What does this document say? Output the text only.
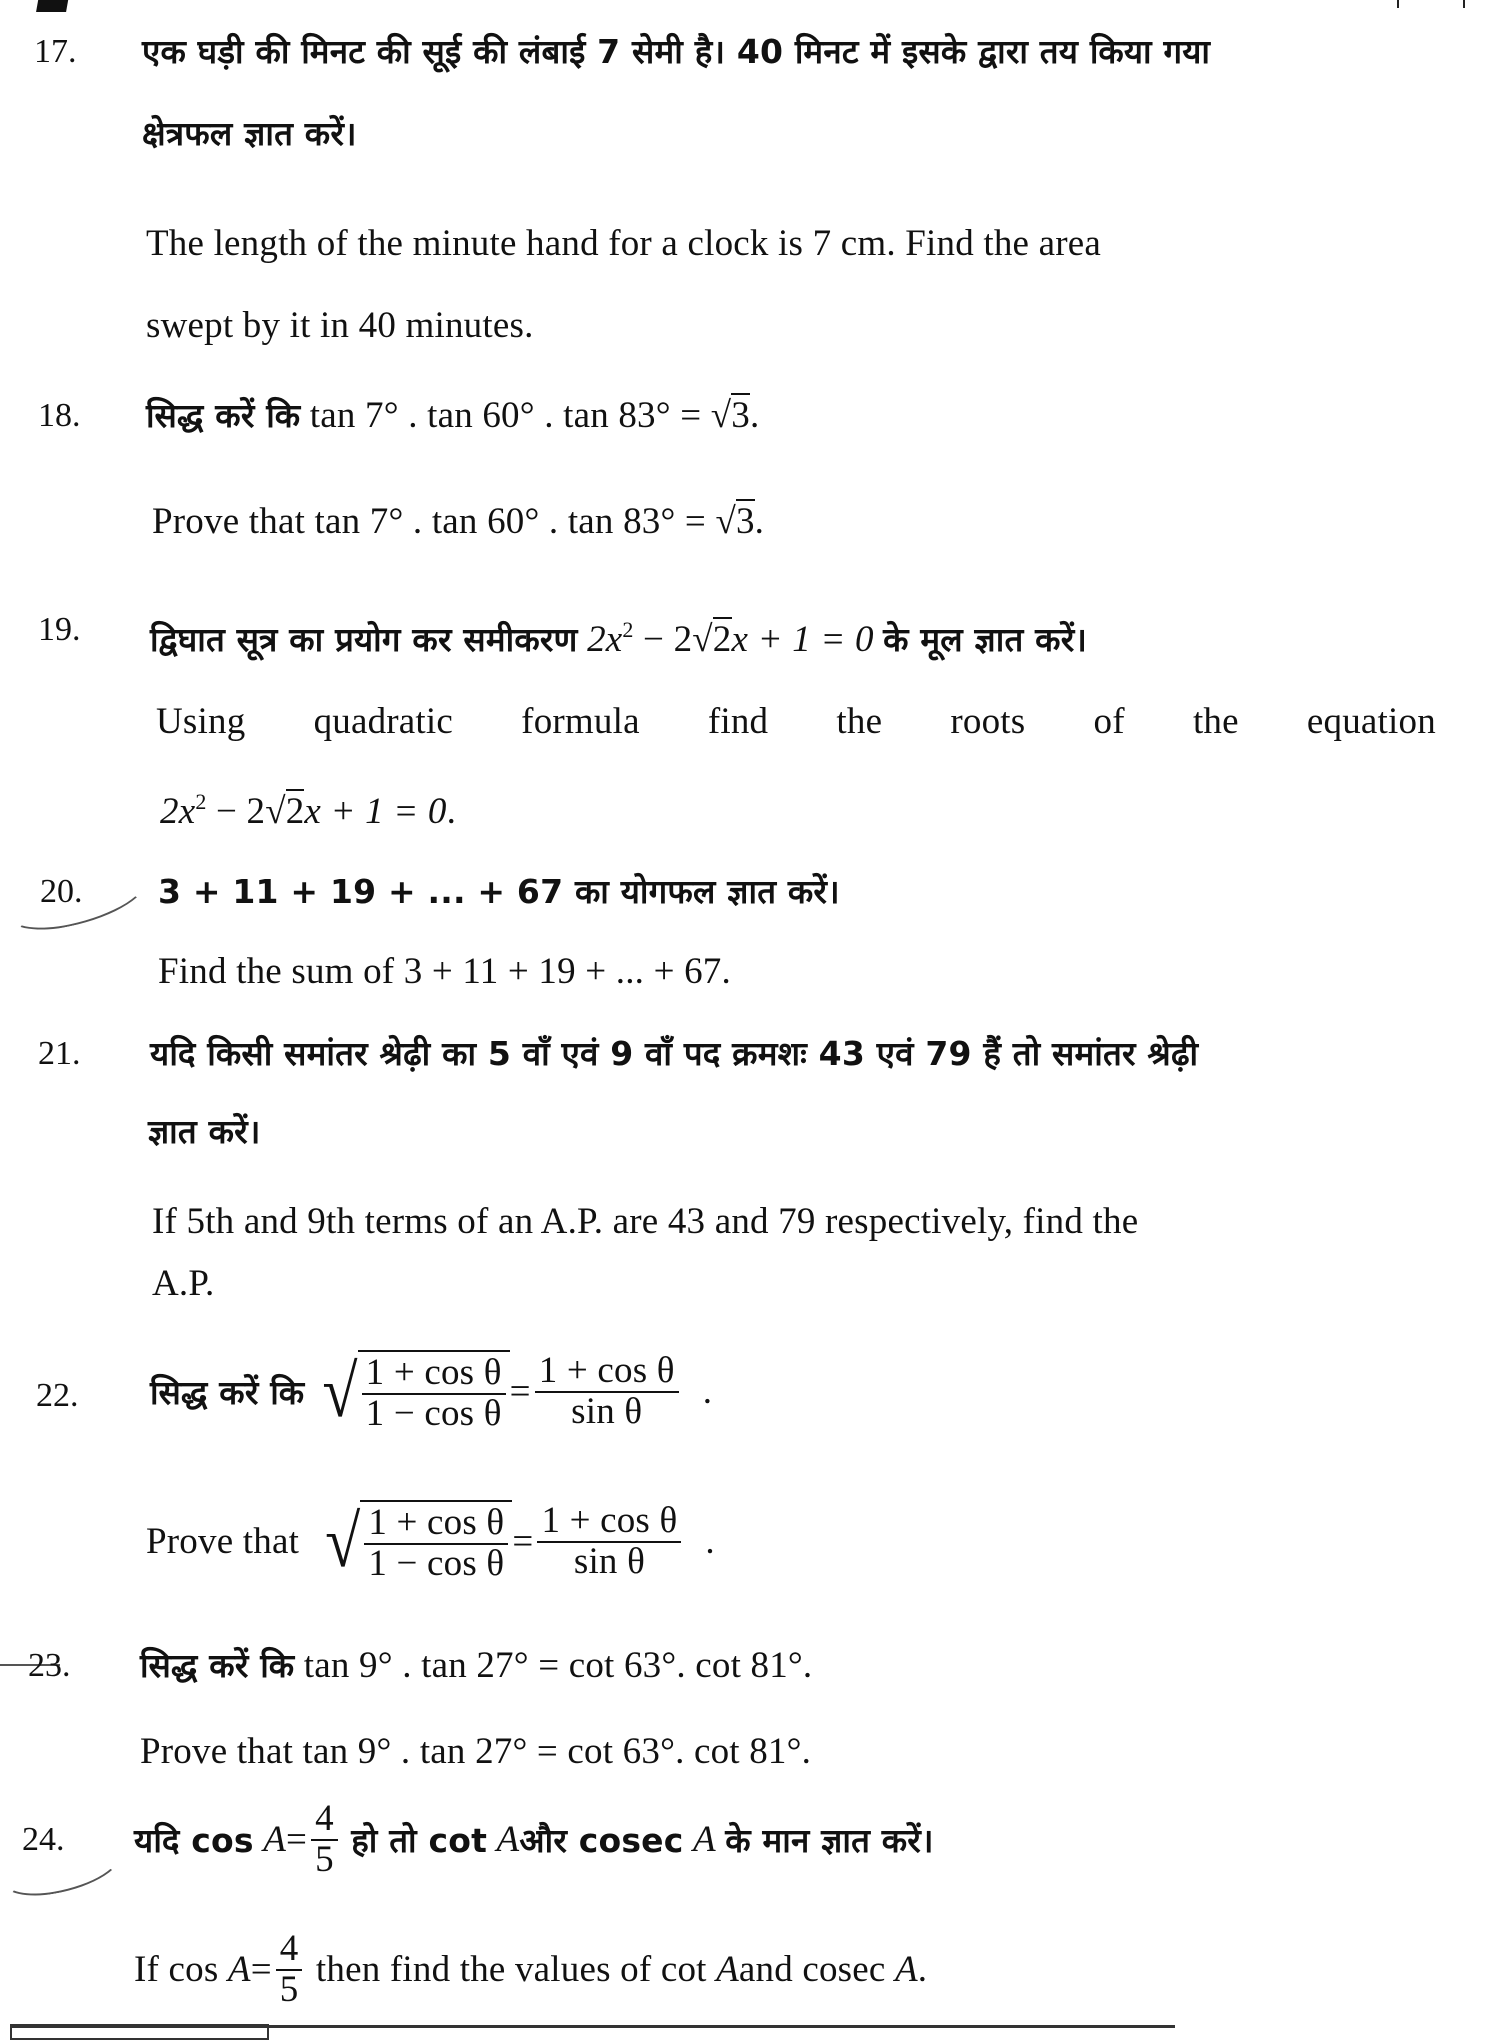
17. एक घड़ी की मिनट की सूई की लंबाई 7 सेमी है। 40 मिनट में इसके द्वारा तय किया गया
क्षेत्रफल ज्ञात करें।
The length of the minute hand for a clock is 7 cm. Find the area
swept by it in 40 minutes.
18. सिद्ध करें कि tan 7° . tan 60° . tan 83° = √3.
Prove that tan 7° . tan 60° . tan 83° = √3.
19. द्विघात सूत्र का प्रयोग कर समीकरण $2x^2 - 2√2x + 1 = 0$ के मूल ज्ञात करें।
Using quadratic formula find the roots of the equation
$2x^2 - 2√2x + 1 = 0$.
20. 3 + 11 + 19 + ... + 67 का योगफल ज्ञात करें।
Find the sum of 3 + 11 + 19 + ... + 67.
21. यदि किसी समांतर श्रेढ़ी का 5 वाँ एवं 9 वाँ पद क्रमशः 43 एवं 79 हैं तो समांतर श्रेढ़ी
ज्ञात करें।
If 5th and 9th terms of an A.P. are 43 and 79 respectively, find the
A.P.
22. सिद्ध करें कि √ $\frac{\text{1 + cos θ}}{\text{1 − cos θ}} = \frac{\text{1 + cos θ}}{\text{sin θ}}$ .
Prove that √ $\frac{\text{1 + cos θ}}{\text{1 − cos θ}} = \frac{\text{1 + cos θ}}{\text{sin θ}}$ .
23. सिद्ध करें कि tan 9° . tan 27° = cot 63°. cot 81°.
Prove that tan 9° . tan 27° = cot 63°. cot 81°.
24. यदि cos
$A = \frac{4}{5}$
हो तो cot
A और cosec
A
के मान ज्ञात करें।
If cos
$A = \frac{4}{5}$
then find the values of cot
A and cosec
A .
